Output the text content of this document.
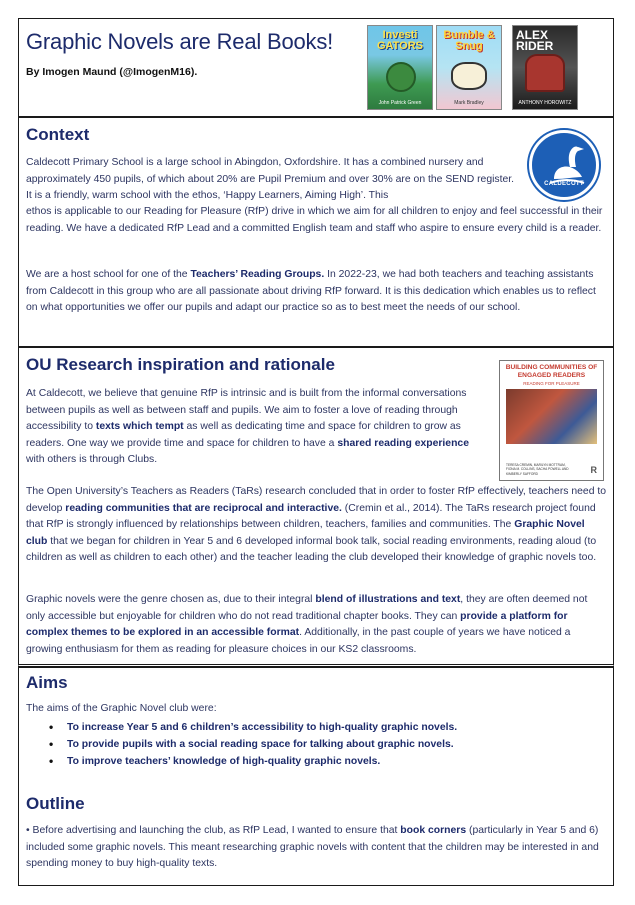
Graphic Novels are Real Books!
By Imogen Maund (@ImogenM16).
Investi GATORS
John Patrick Green
Bumble & Snug
Mark Bradley
ALEX RIDER
ANTHONY HOROWITZ
Context
CALDECOTT

Caldecott Primary School is a large school in Abingdon, Oxfordshire. It has a combined nursery and approximately 450 pupils, of which about 20% are Pupil Premium and over 30% are on the SEND register. It is a friendly, warm school with the ethos, ‘Happy Learners, Aiming High’. This

ethos is applicable to our Reading for Pleasure (RfP) drive in which we aim for all children to enjoy and feel successful in their reading. We have a dedicated RfP Lead and a committed English team and staff who aspire to ensure every child is a reader.

We are a host school for one of the Teachers’ Reading Groups. In 2022-23, we had both teachers and teaching assistants from Caldecott in this group who are all passionate about driving RfP forward. It is this dedication which enables us to reflect on what opportunities we offer our pupils and adapt our practice so as to best meet the needs of our school.

OU Research inspiration and rationale	BUILDING COMMUNITIES OF ENGAGED READERS
READING FOR PLEASURE
TERESA CREMIN, MARILYN MOTTRAM, FIONA M. COLLINS, SACHA POWELL AND KIMBERLY SAFFORD	R

At Caldecott, we believe that genuine RfP is intrinsic and is built from the informal conversations between pupils as well as between staff and pupils. We aim to foster a love of reading through accessibility to texts which tempt as well as dedicating time and space for children to grow as readers. One way we provide time and space for children to have a shared reading experience with others is through Clubs.

The Open University’s Teachers as Readers (TaRs) research concluded that in order to foster RfP effectively, teachers need to develop reading communities that are reciprocal and interactive. (Cremin et al., 2014). The TaRs research project found that RfP is strongly influenced by relationships between children, teachers, families and communities. The Graphic Novel club that we began for children in Year 5 and 6 developed informal book talk, social reading environments, reading aloud (to children as well as children to each other) and the teacher leading the club developed their knowledge of graphic novels too.

Graphic novels were the genre chosen as, due to their integral blend of illustrations and text, they are often deemed not only accessible but enjoyable for children who do not read traditional chapter books. They can provide a platform for complex themes to be explored in an accessible format. Additionally, in the past couple of years we have noticed a growing enthusiasm for them as reading for pleasure choices in our KS2 classrooms.

Aims

The aims of the Graphic Novel club were:

• To increase Year 5 and 6 children’s accessibility to high-quality graphic novels.
• To provide pupils with a social reading space for talking about graphic novels.
• To improve teachers’ knowledge of high-quality graphic novels.
Outline

• Before advertising and launching the club, as RfP Lead, I wanted to ensure that book corners (particularly in Year 5 and 6) included some graphic novels. This meant researching graphic novels with content that the children may be interested in and spending money to buy high-quality texts.
